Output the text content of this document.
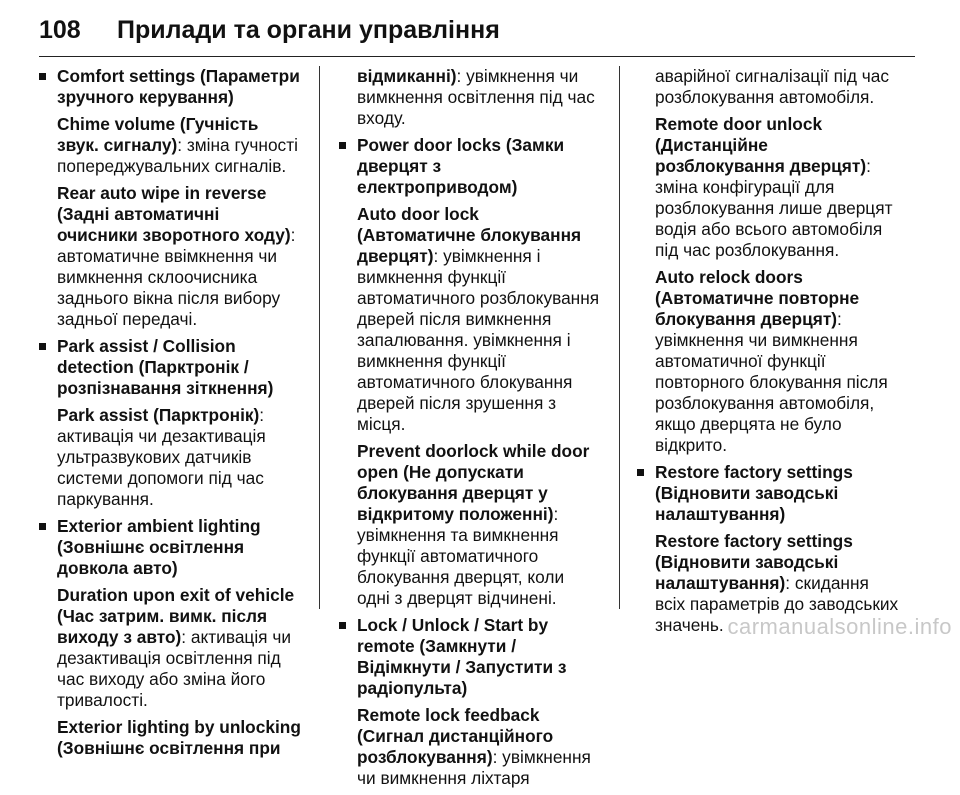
108	Прилади та органи управління

Comfort settings (Параметри зручного керування)

Chime volume (Гучність звук. сигналу): зміна гучності попереджувальних сигналів.

Rear auto wipe in reverse (Задні автоматичні очисники зворотного ходу): автоматичне ввімкнення чи вимкнення склоочисника заднього вікна після вибору задньої передачі.

Park assist / Collision detection (Парктронік / розпізнавання зіткнення)

Park assist (Парктронік): активація чи дезактивація ультразвукових датчиків системи допомоги під час паркування.

Exterior ambient lighting (Зовнішнє освітлення довкола авто)

Duration upon exit of vehicle (Час затрим. вимк. після виходу з авто): активація чи дезактивація освітлення під час виходу або зміна його тривалості.

Exterior lighting by unlocking (Зовнішнє освітлення при

відмиканні): увімкнення чи вимкнення освітлення під час входу.

Power door locks (Замки дверцят з електроприводом)

Auto door lock (Автоматичне блокування дверцят): увімкнення і вимкнення функції автоматичного розблокування дверей після вимкнення запалювання. увімкнення і вимкнення функції автоматичного блокування дверей після зрушення з місця.

Prevent doorlock while door open (Не допускати блокування дверцят у відкритому положенні): увімкнення та вимкнення функції автоматичного блокування дверцят, коли одні з дверцят відчинені.

Lock / Unlock / Start by remote (Замкнути / Відімкнути / Запустити з радіопульта)

Remote lock feedback (Сигнал дистанційного розблокування): увімкнення чи вимкнення ліхтаря

аварійної сигналізації під час розблокування автомобіля.

Remote door unlock (Дистанційне розблокування дверцят): зміна конфігурації для розблокування лише дверцят водія або всього автомобіля під час розблокування.

Auto relock doors (Автоматичне повторне блокування дверцят): увімкнення чи вимкнення автоматичної функції повторного блокування після розблокування автомобіля, якщо дверцята не було відкрито.

Restore factory settings (Відновити заводські налаштування)

Restore factory settings (Відновити заводські налаштування): скидання всіх параметрів до заводських значень. carmanualsonline.info
